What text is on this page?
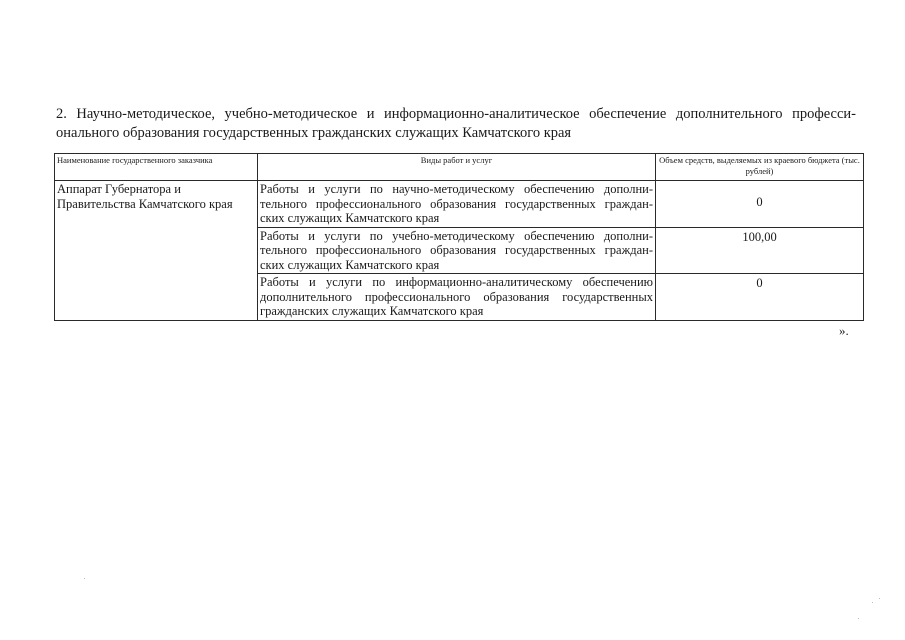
2. Научно-методическое, учебно-методическое и информационно-аналитическое обеспечение дополнительного професси-онального образования государственных гражданских служащих Камчатского края
Наименование государственного заказчика	Виды работ и услуг	Объем средств, выделяемых из краевого бюджета (тыс. рублей)
Аппарат Губернатора и Правительства Камчатского края	Работы и услуги по научно-методическому обеспечению дополни-тельного профессионального образования государственных граждан-ских служащих Камчатского края	0
	Работы и услуги по учебно-методическому обеспечению дополни-тельного профессионального образования государственных граждан-ских служащих Камчатского края	100,00
	Работы и услуги по информационно-аналитическому обеспечению дополнительного профессионального образования государственных гражданских служащих Камчатского края	0
».
